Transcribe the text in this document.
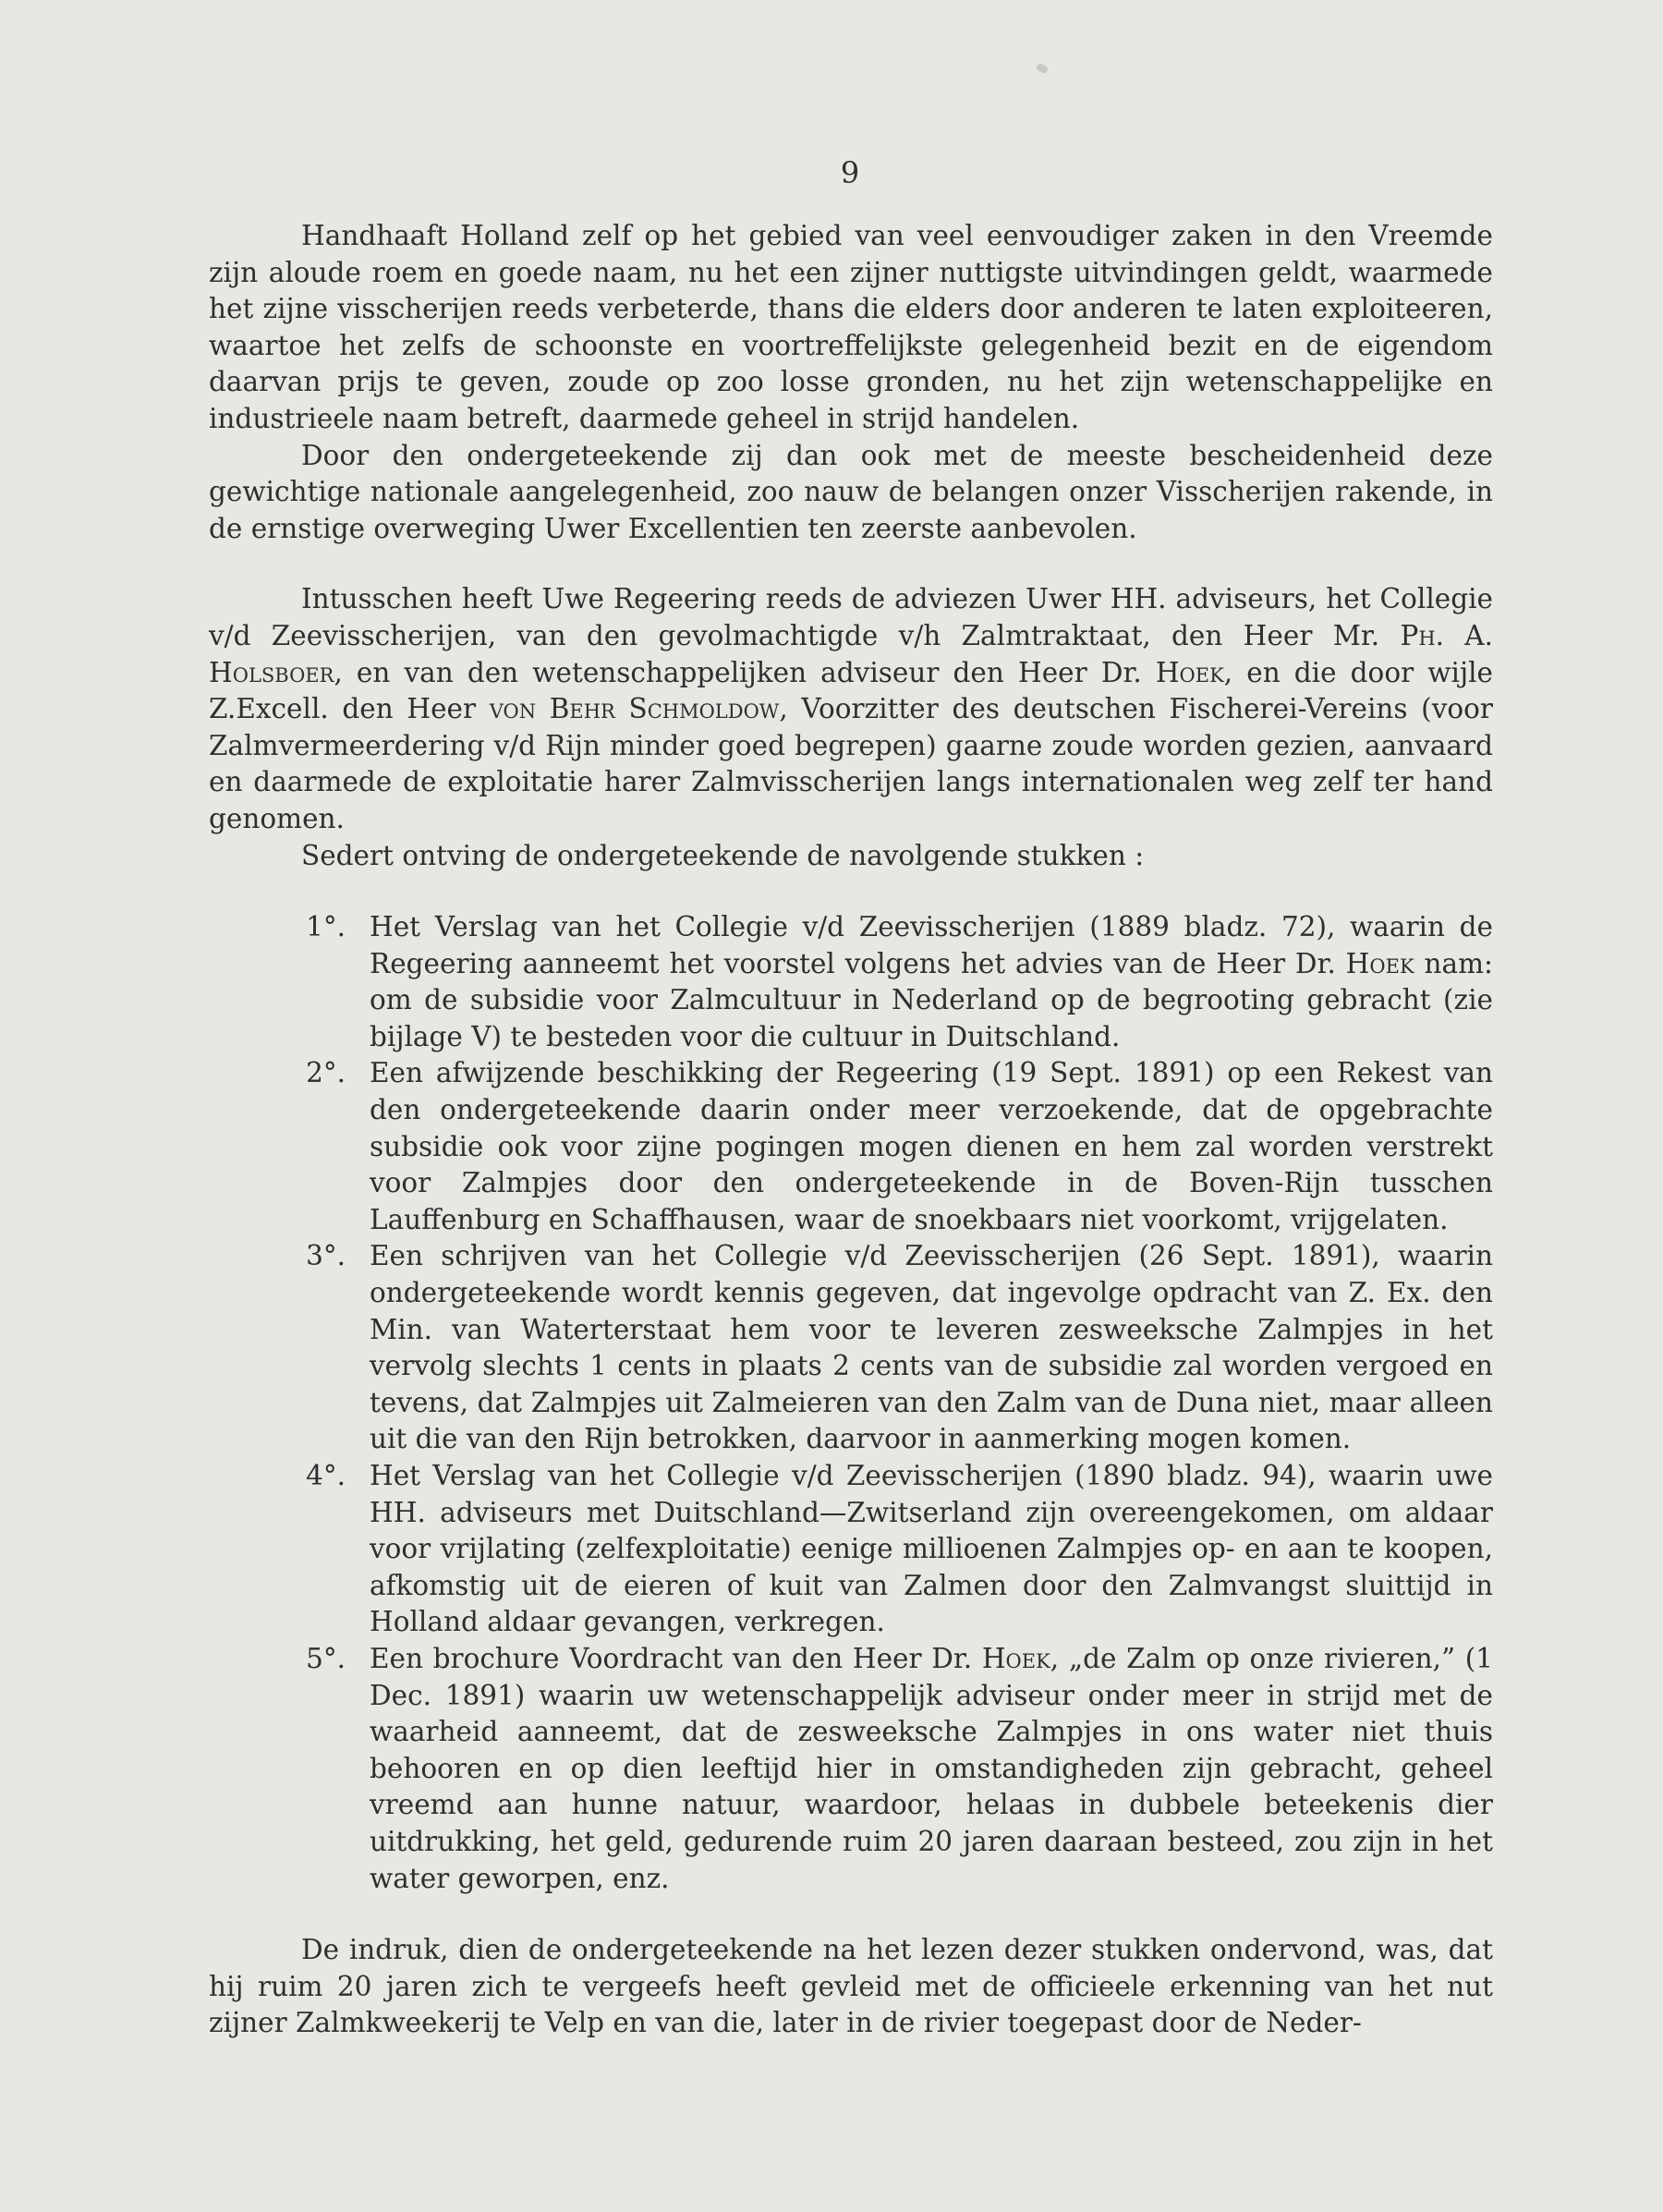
9

Handhaaft Holland zelf op het gebied van veel eenvoudiger zaken in den Vreemde zijn aloude roem en goede naam, nu het een zijner nuttigste uitvindingen geldt, waarmede het zijne visscherijen reeds verbeterde, thans die elders door anderen te laten exploiteeren, waartoe het zelfs de schoonste en voortreffelijkste gelegenheid bezit en de eigendom daarvan prijs te geven, zoude op zoo losse gronden, nu het zijn wetenschappelijke en industrieele naam betreft, daarmede geheel in strijd handelen.

Door den ondergeteekende zij dan ook met de meeste bescheidenheid deze gewichtige nationale aangelegenheid, zoo nauw de belangen onzer Visscherijen rakende, in de ernstige overweging Uwer Excellentien ten zeerste aanbevolen.

Intusschen heeft Uwe Regeering reeds de adviezen Uwer HH. adviseurs, het Collegie v/d Zeevisscherijen, van den gevolmachtigde v/h Zalmtraktaat, den Heer Mr. Ph. A. Holsboer, en van den wetenschappelijken adviseur den Heer Dr. Hoek, en die door wijle Z.Excell. den Heer von Behr Schmoldow, Voorzitter des deutschen Fischerei-Vereins (voor Zalmvermeerdering v/d Rijn minder goed begrepen) gaarne zoude worden gezien, aanvaard en daarmede de exploitatie harer Zalmvisscherijen langs internationalen weg zelf ter hand genomen.

Sedert ontving de ondergeteekende de navolgende stukken :

1°. Het Verslag van het Collegie v/d Zeevisscherijen (1889 bladz. 72), waarin de Regeering aanneemt het voorstel volgens het advies van de Heer Dr. Hoek nam: om de subsidie voor Zalmcultuur in Nederland op de begrooting gebracht (zie bijlage V) te besteden voor die cultuur in Duitschland.
2°. Een afwijzende beschikking der Regeering (19 Sept. 1891) op een Rekest van den ondergeteekende daarin onder meer verzoekende, dat de opgebrachte subsidie ook voor zijne pogingen mogen dienen en hem zal worden verstrekt voor Zalmpjes door den ondergeteekende in de Boven-Rijn tusschen Lauffenburg en Schaffhausen, waar de snoekbaars niet voorkomt, vrijgelaten.
3°. Een schrijven van het Collegie v/d Zeevisscherijen (26 Sept. 1891), waarin ondergeteekende wordt kennis gegeven, dat ingevolge opdracht van Z. Ex. den Min. van Waterterstaat hem voor te leveren zesweeksche Zalmpjes in het vervolg slechts 1 cents in plaats 2 cents van de subsidie zal worden vergoed en tevens, dat Zalmpjes uit Zalmeieren van den Zalm van de Duna niet, maar alleen uit die van den Rijn betrokken, daarvoor in aanmerking mogen komen.
4°. Het Verslag van het Collegie v/d Zeevisscherijen (1890 bladz. 94), waarin uwe HH. adviseurs met Duitschland—Zwitserland zijn overeengekomen, om aldaar voor vrijlating (zelfexploitatie) eenige millioenen Zalmpjes op- en aan te koopen, afkomstig uit de eieren of kuit van Zalmen door den Zalmvangst sluittijd in Holland aldaar gevangen, verkregen.
5°. Een brochure Voordracht van den Heer Dr. Hoek, „de Zalm op onze rivieren,” (1 Dec. 1891) waarin uw wetenschappelijk adviseur onder meer in strijd met de waarheid aanneemt, dat de zesweeksche Zalmpjes in ons water niet thuis behooren en op dien leeftijd hier in omstandigheden zijn gebracht, geheel vreemd aan hunne natuur, waardoor, helaas in dubbele beteekenis dier uitdrukking, het geld, gedurende ruim 20 jaren daaraan besteed, zou zijn in het water geworpen, enz.

De indruk, dien de ondergeteekende na het lezen dezer stukken ondervond, was, dat hij ruim 20 jaren zich te vergeefs heeft gevleid met de officieele erkenning van het nut zijner Zalmkweekerij te Velp en van die, later in de rivier toegepast door de Neder-
